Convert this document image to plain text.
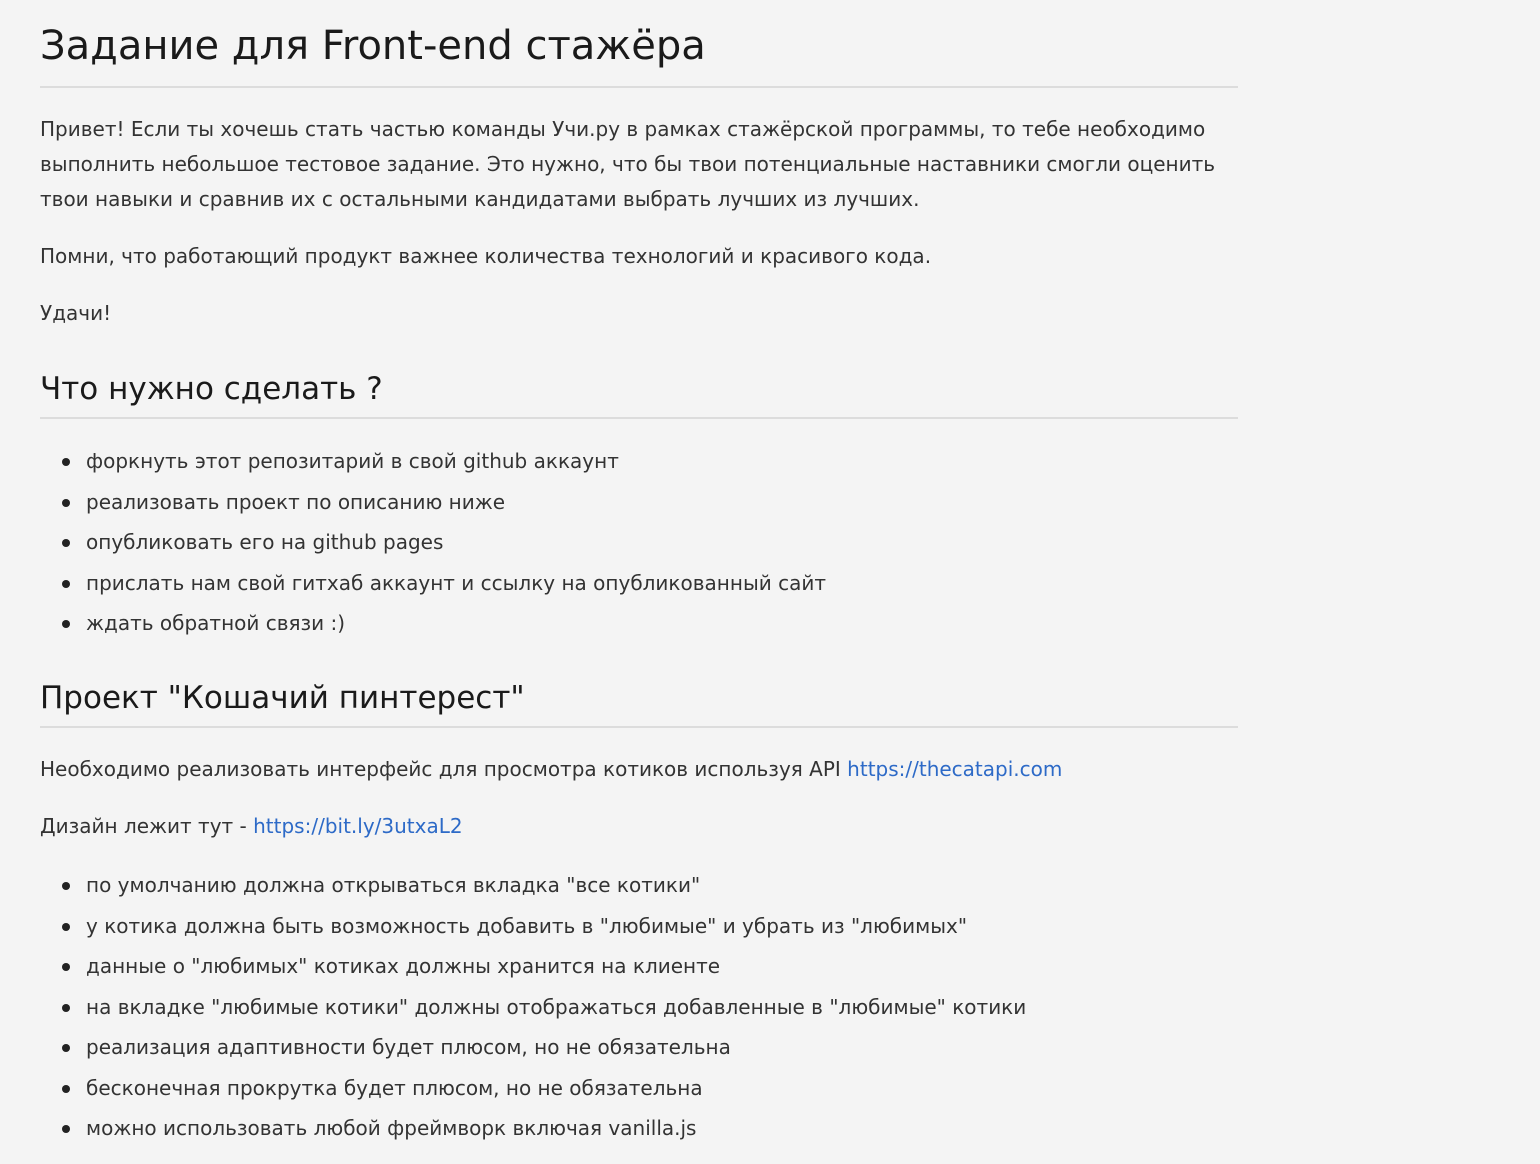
Задание для Front-end стажёра

Привет! Если ты хочешь стать частью команды Учи.ру в рамках стажёрской программы, то тебе необходимо выполнить небольшое тестовое задание. Это нужно, что бы твои потенциальные наставники смогли оценить твои навыки и сравнив их с остальными кандидатами выбрать лучших из лучших.

Помни, что работающий продукт важнее количества технологий и красивого кода.

Удачи!

Что нужно сделать ?
форкнуть этот репозитарий в свой github аккаунт
реализовать проект по описанию ниже
опубликовать его на github pages
прислать нам свой гитхаб аккаунт и ссылку на опубликованный сайт
ждать обратной связи :)
Проект "Кошачий пинтерест"

Необходимо реализовать интерфейс для просмотра котиков используя API https://thecatapi.com

Дизайн лежит тут - https://bit.ly/3utxaL2

по умолчанию должна открываться вкладка "все котики"
у котика должна быть возможность добавить в "любимые" и убрать из "любимых"
данные о "любимых" котиках должны хранится на клиенте
на вкладке "любимые котики" должны отображаться добавленные в "любимые" котики
реализация адаптивности будет плюсом, но не обязательна
бесконечная прокрутка будет плюсом, но не обязательна
можно использовать любой фреймворк включая vanilla.js
